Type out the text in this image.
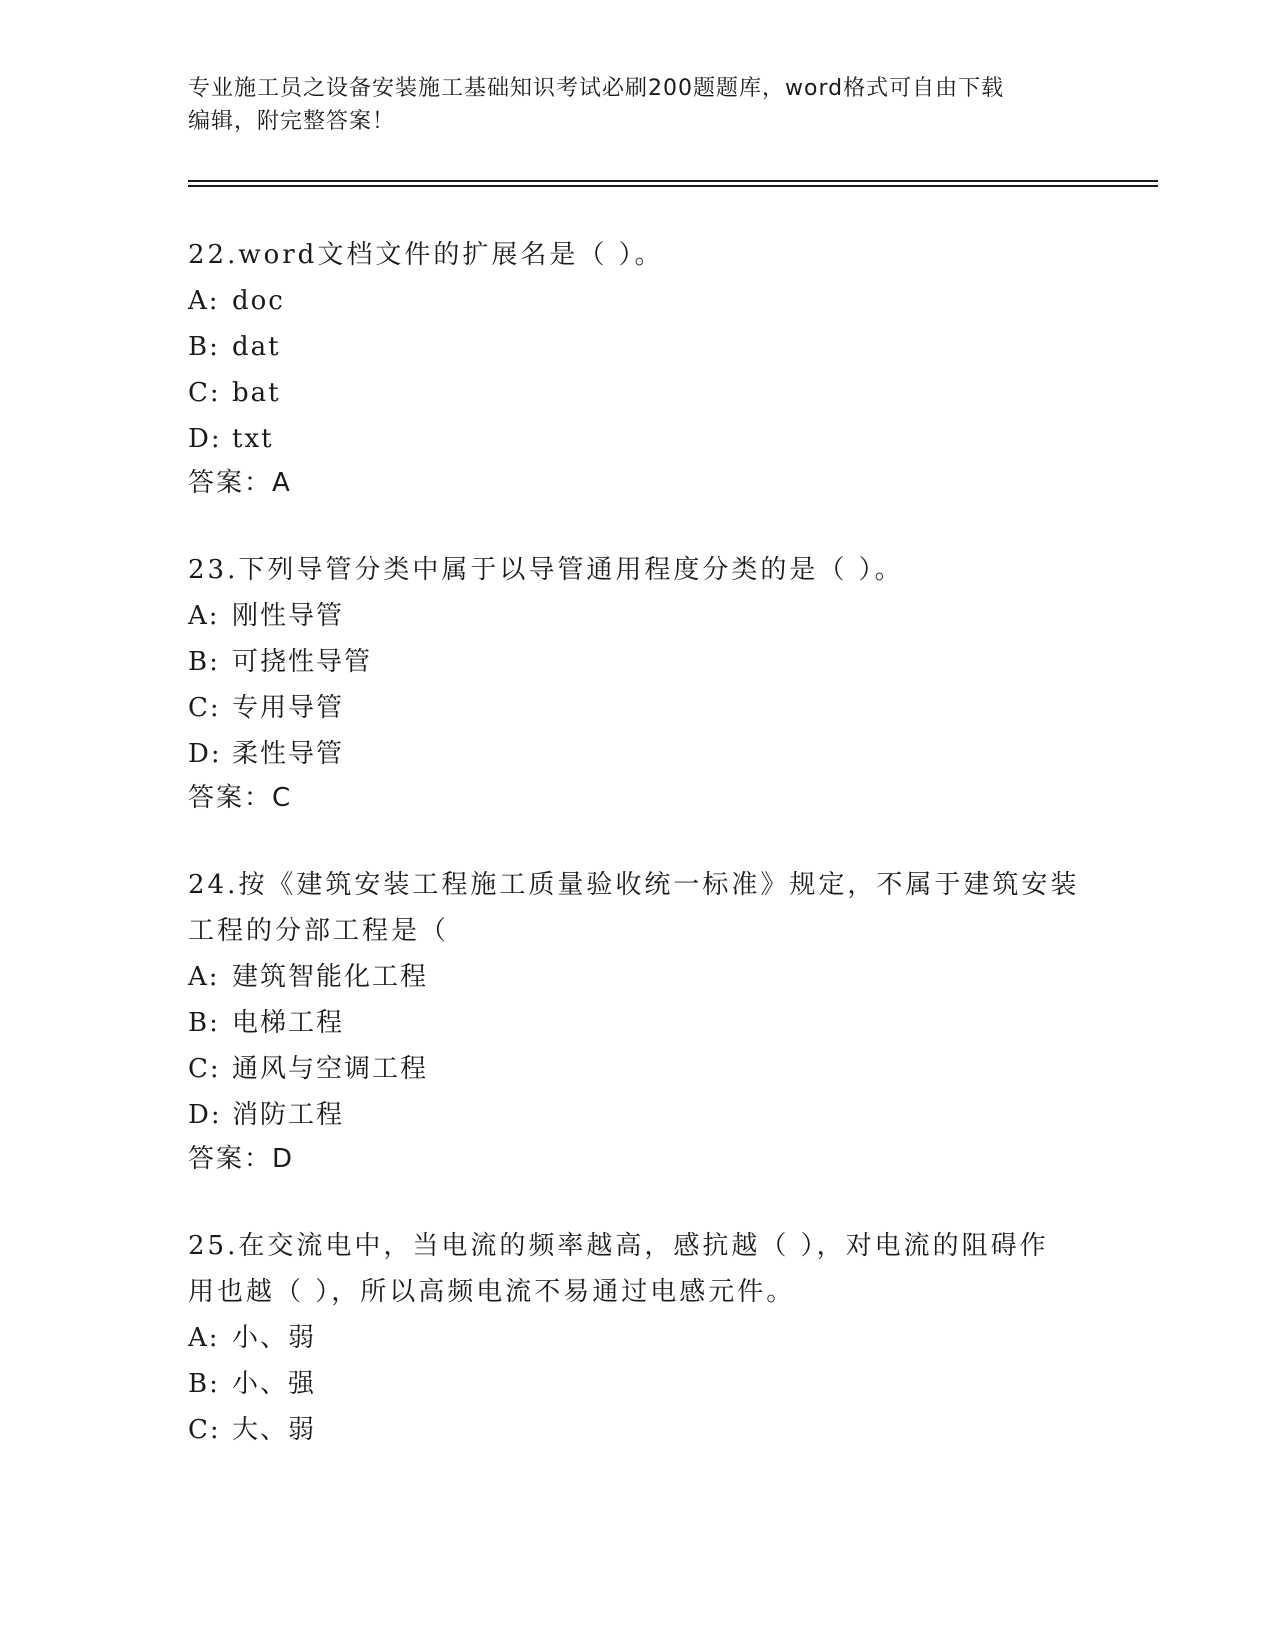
专业施工员之设备安装施工基础知识考试必刷200题题库，word格式可自由下载
编辑，附完整答案！

22.word文档文件的扩展名是（ ）。

A: doc

B: dat

C: bat

D: txt

答案：A

23.下列导管分类中属于以导管通用程度分类的是（ ）。

A: 刚性导管

B: 可挠性导管

C: 专用导管

D: 柔性导管

答案：C

24.按《建筑安装工程施工质量验收统一标准》规定，不属于建筑安装

工程的分部工程是（

A: 建筑智能化工程

B: 电梯工程

C: 通风与空调工程

D: 消防工程

答案：D

25.在交流电中，当电流的频率越高，感抗越（ ），对电流的阻碍作

用也越（ ），所以高频电流不易通过电感元件。

A: 小、弱

B: 小、强

C: 大、弱
